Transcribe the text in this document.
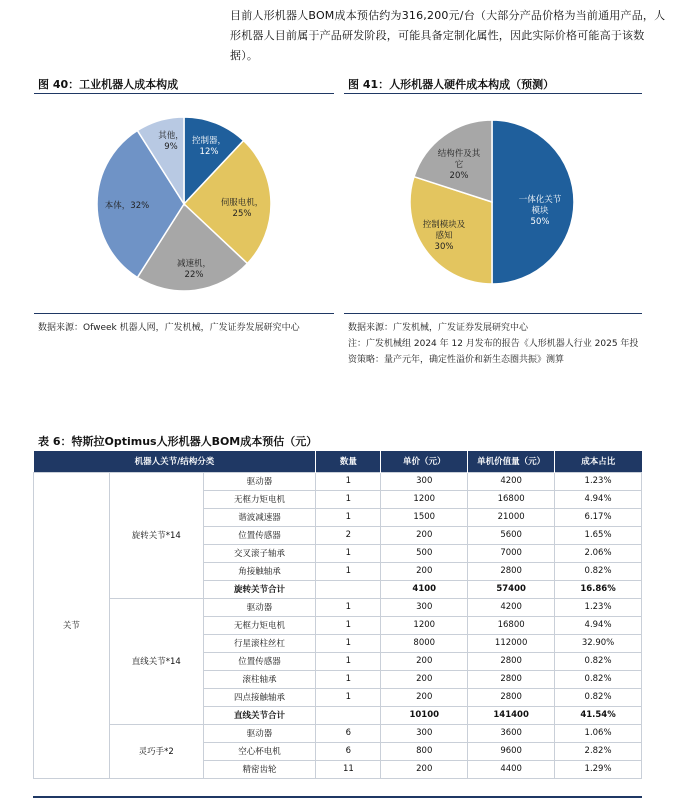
目前人形机器人BOM成本预估约为316,200元/台（大部分产品价格为当前通用产品，人形机器人目前属于产品研发阶段，可能具备定制化属性，因此实际价格可能高于该数据）。
图 40：工业机器人成本构成	图 41：人形机器人硬件成本构成（预测）
控制器， 12%
伺服电机， 25%
减速机， 22%
本体，32%
其他， 9%
一体化关节模块 50%
控制模块及感知 30%
结构件及其它 20%
数据来源：Ofweek 机器人网，广发机械，广发证券发展研究中心	数据来源：广发机械，广发证券发展研究中心
注：广发机械组 2024 年 12 月发布的报告《人形机器人行业 2025 年投资策略：量产元年，确定性溢价和新生态圈共振》测算
表 6：特斯拉Optimus人形机器人BOM成本预估（元）
机器人关节/结构分类			数量	单价（元）	单机价值量（元）	成本占比
关节	旋转关节*14	驱动器	1	300	4200	1.23%
		无框力矩电机	1	1200	16800	4.94%
		谐波减速器	1	1500	21000	6.17%
		位置传感器	2	200	5600	1.65%
		交叉滚子轴承	1	500	7000	2.06%
		角接触轴承	1	200	2800	0.82%
		旋转关节合计		4100	57400	16.86%
	直线关节*14	驱动器	1	300	4200	1.23%
		无框力矩电机	1	1200	16800	4.94%
		行星滚柱丝杠	1	8000	112000	32.90%
		位置传感器	1	200	2800	0.82%
		滚柱轴承	1	200	2800	0.82%
		四点接触轴承	1	200	2800	0.82%
		直线关节合计		10100	141400	41.54%
	灵巧手*2	驱动器	6	300	3600	1.06%
		空心杯电机	6	800	9600	2.82%
		精密齿轮	11	200	4400	1.29%
